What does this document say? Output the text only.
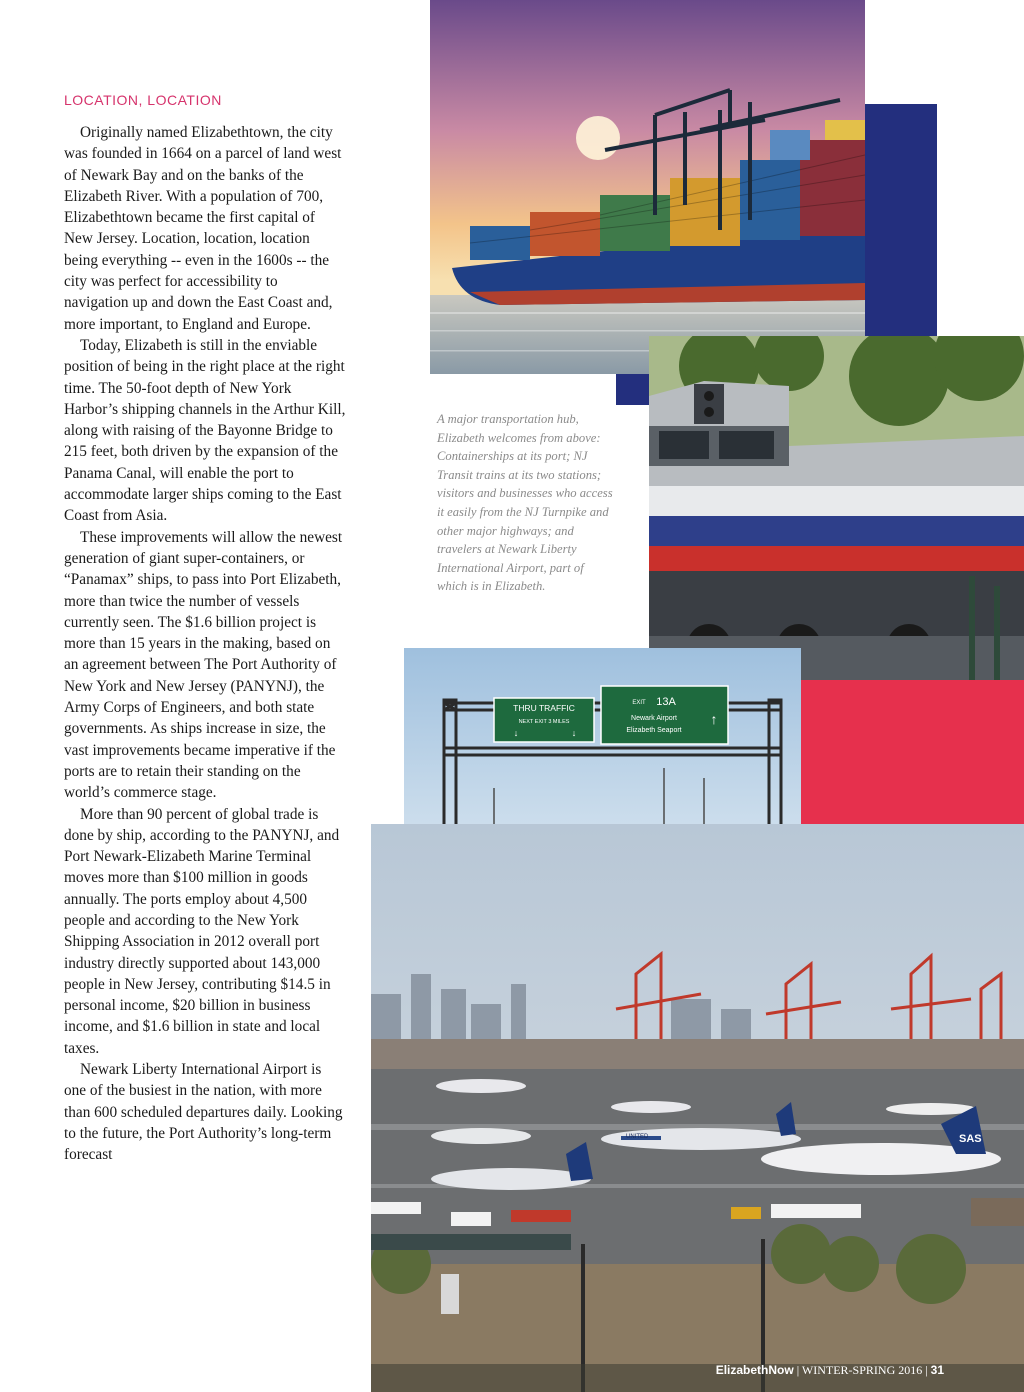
LOCATION, LOCATION

Originally named Elizabethtown, the city was founded in 1664 on a parcel of land west of Newark Bay and on the banks of the Elizabeth River. With a population of 700, Elizabethtown became the first capital of New Jersey. Location, location, location being everything -- even in the 1600s -- the city was perfect for accessibility to navigation up and down the East Coast and, more important, to England and Europe.

Today, Elizabeth is still in the enviable position of being in the right place at the right time. The 50-foot depth of New York Harbor’s shipping channels in the Arthur Kill, along with raising of the Bayonne Bridge to 215 feet, both driven by the expansion of the Panama Canal, will enable the port to accommodate larger ships coming to the East Coast from Asia.

These improvements will allow the newest generation of giant super-containers, or “Panamax” ships, to pass into Port Elizabeth, more than twice the number of vessels currently seen. The $1.6 billion project is more than 15 years in the making, based on an agreement between The Port Authority of New York and New Jersey (PANYNJ), the Army Corps of Engineers, and both state governments. As ships increase in size, the vast improvements became imperative if the ports are to retain their standing on the world’s commerce stage.

More than 90 percent of global trade is done by ship, according to the PANYNJ, and Port Newark-Elizabeth Marine Terminal moves more than $100 million in goods annually. The ports employ about 4,500 people and according to the New York Shipping Association in 2012 overall port industry directly supported about 143,000 people in New Jersey, contributing $14.5 in personal income, $20 billion in business income, and $1.6 billion in state and local taxes.

Newark Liberty International Airport is one of the busiest in the nation, with more than 600 scheduled departures daily. Looking to the future, the Port Authority’s long-term forecast

A major transportation hub, Elizabeth welcomes from above: Containerships at its port; NJ Transit trains at its two stations; visitors and businesses who access it easily from the NJ Turnpike and other major highways; and travelers at Newark Liberty International Airport, part of which is in Elizabeth.
THRU TRAFFIC
NEXT EXIT 3 MILES
↓	↓
EXIT 13A
Newark Airport
Elizabeth Seaport
↑
UNITED	SAS
ElizabethNow | WINTER-SPRING 2016 | 31
